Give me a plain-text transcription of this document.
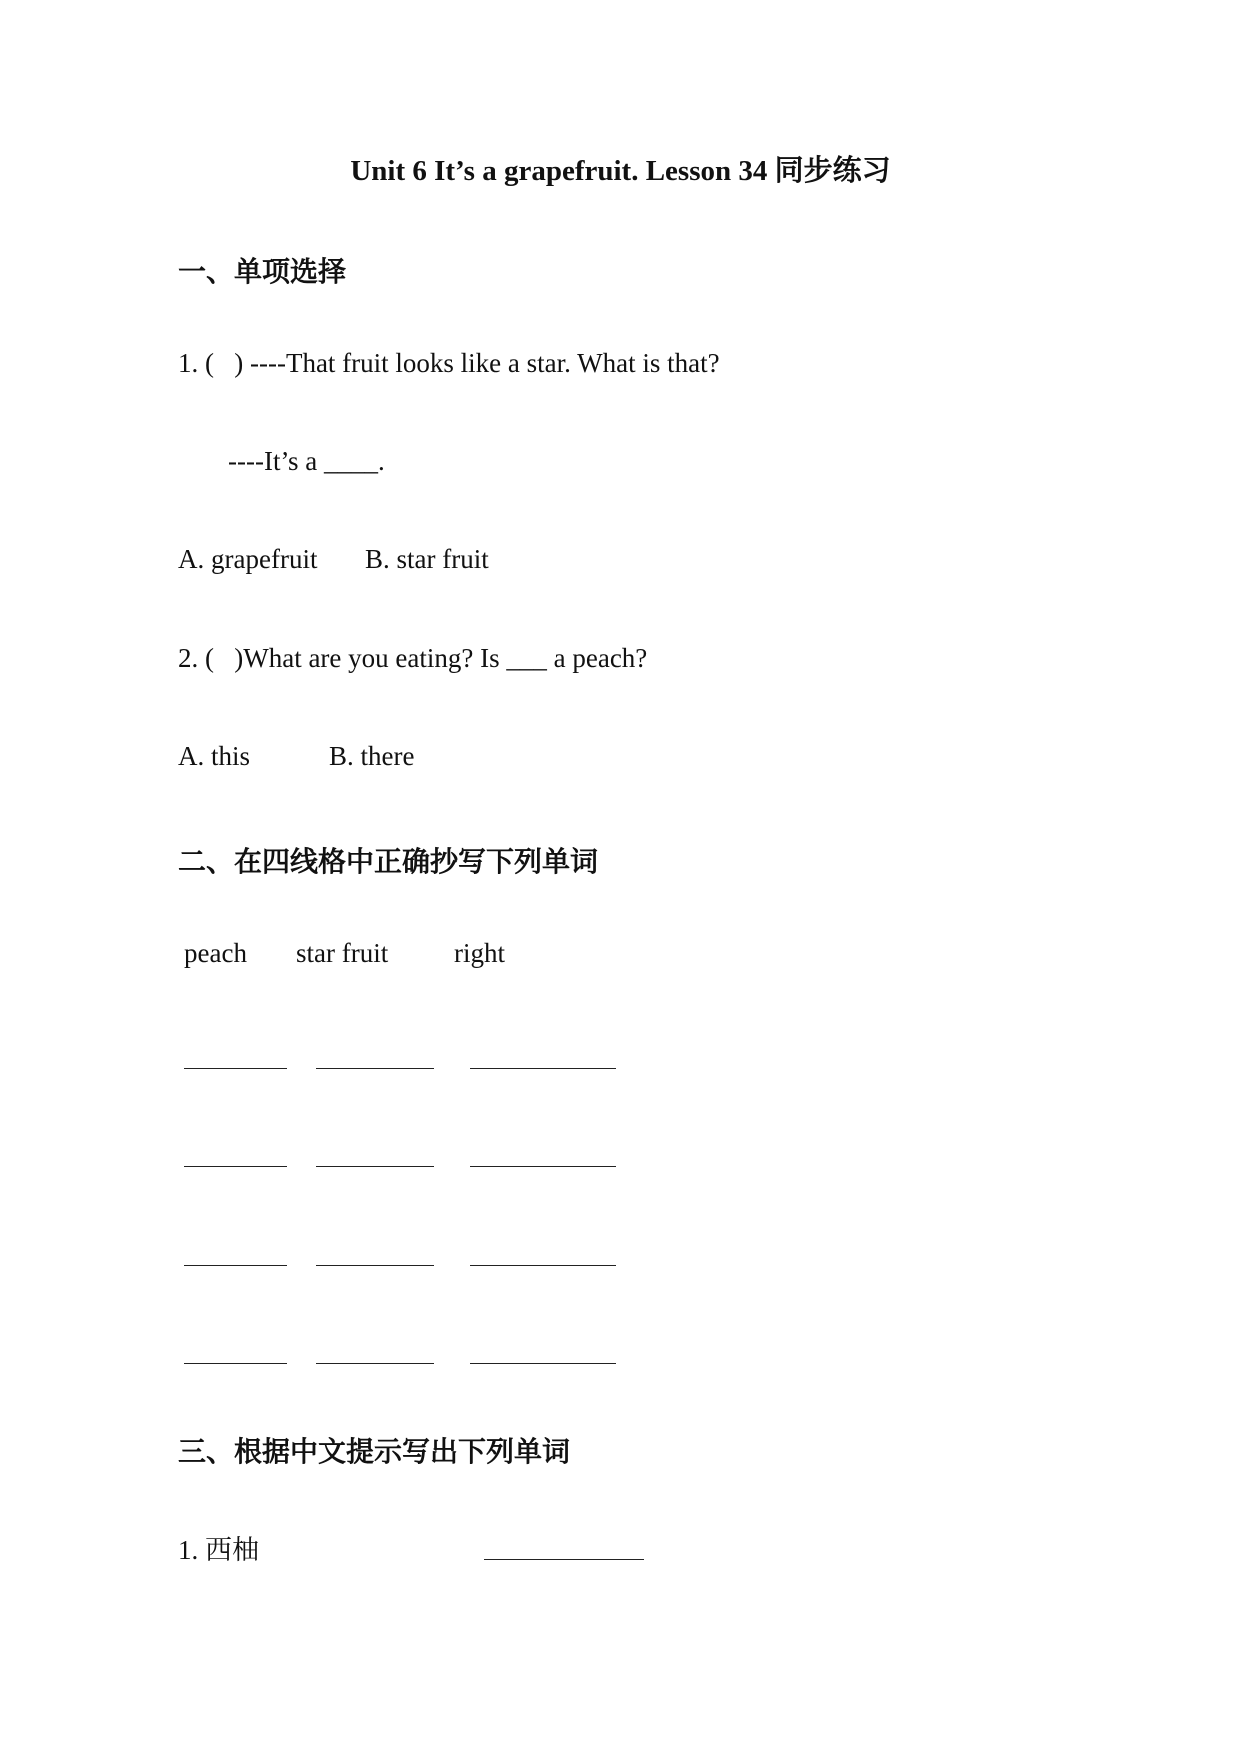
Unit 6 It’s a grapefruit. Lesson 34 同步练习
一、单项选择
1. (   ) ----That fruit looks like a star. What is that?
----It’s a ____.
A. grapefruit B. star fruit
2. (   )What are you eating? Is ___ a peach?
A. this	B. there
二、在四线格中正确抄写下列单词
peach star fruit right
三、根据中文提示写出下列单词
1. 西柚
